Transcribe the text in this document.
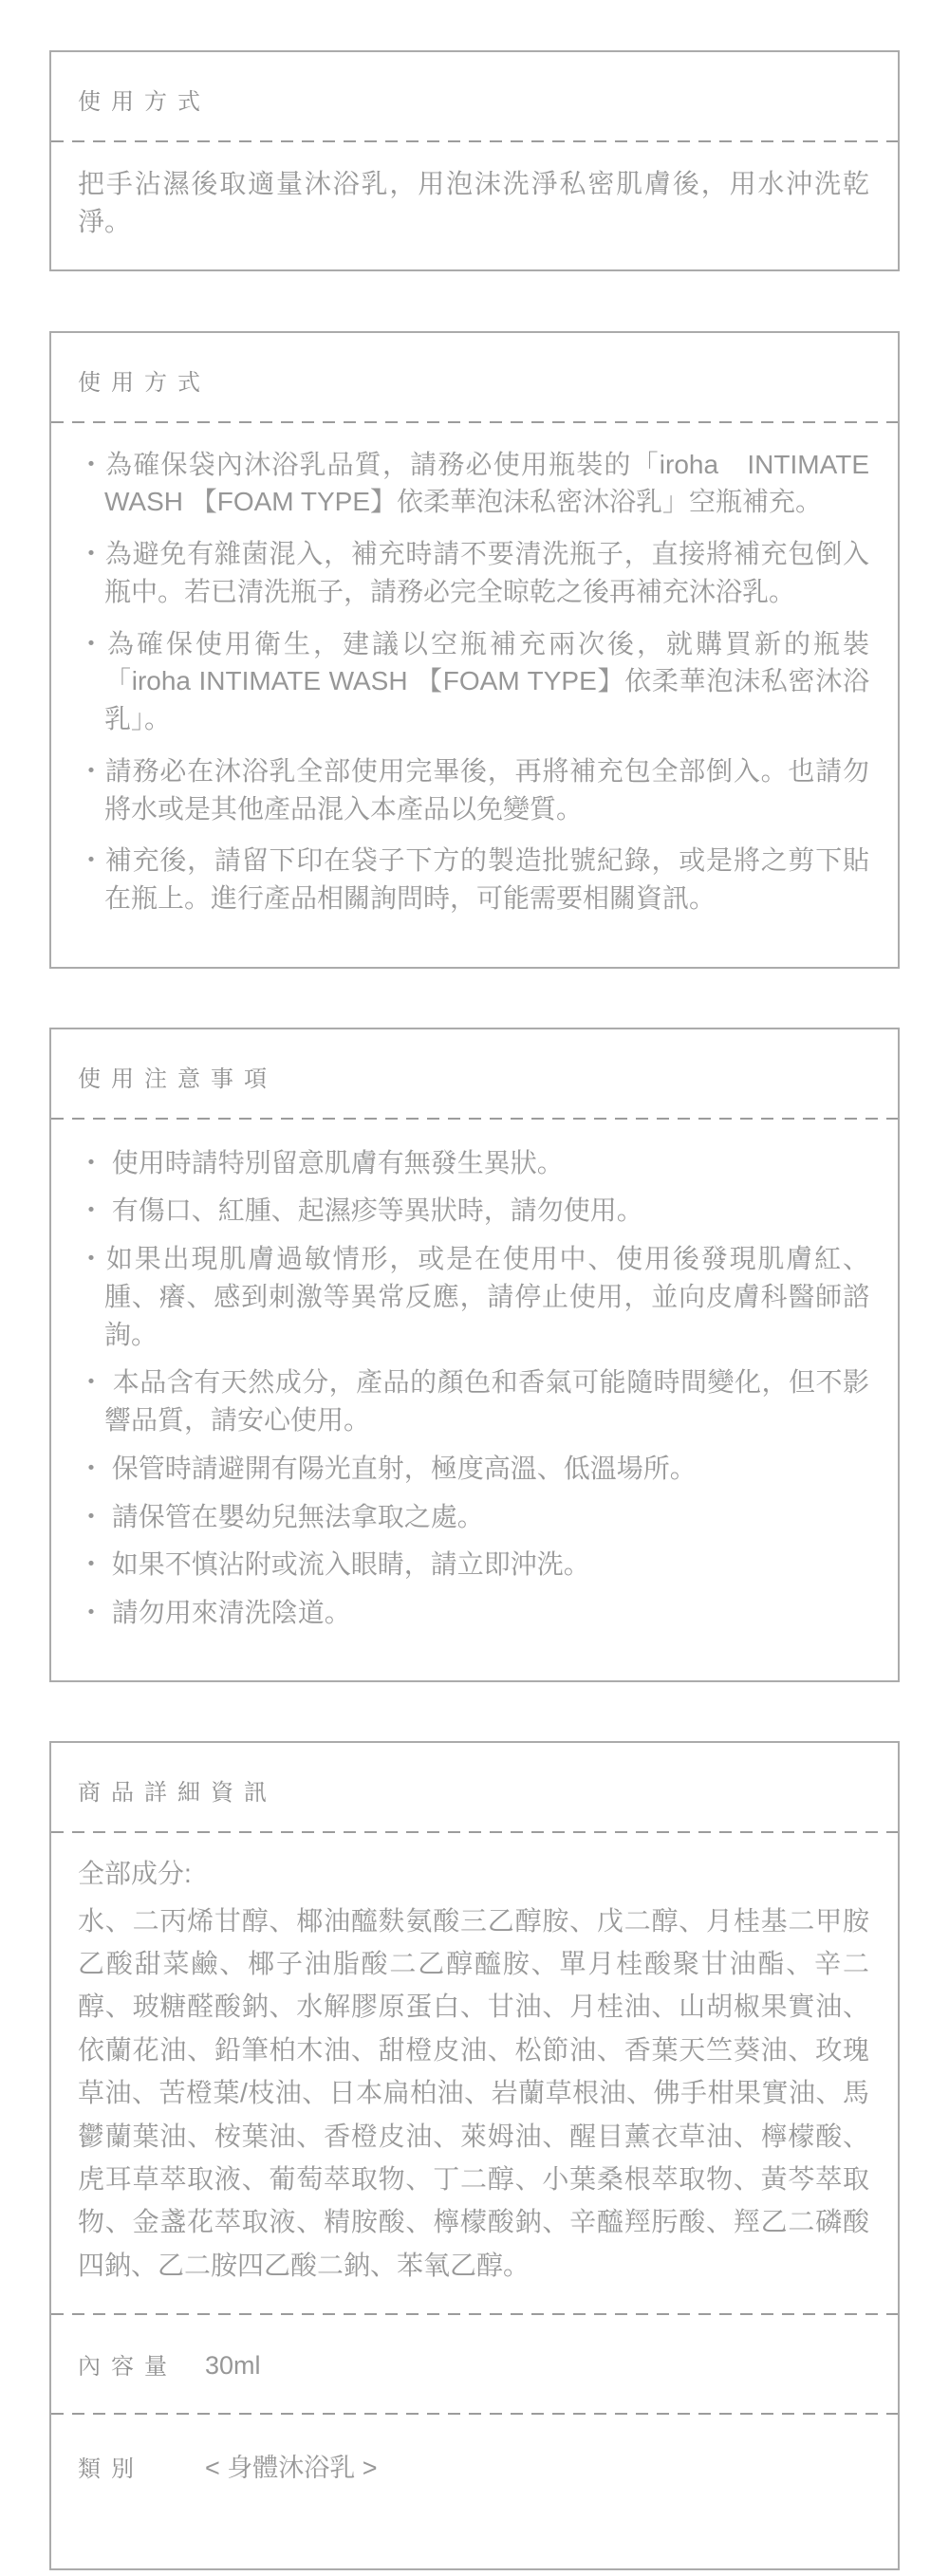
使用方式

把手沾濕後取適量沐浴乳，用泡沫洗淨私密肌膚後，用水沖洗乾淨。

使用方式
・為確保袋內沐浴乳品質，請務必使用瓶裝的「iroha　INTIMATE WASH 【FOAM TYPE】依柔華泡沫私密沐浴乳」空瓶補充。
・為避免有雜菌混入，補充時請不要清洗瓶子，直接將補充包倒入瓶中。若已清洗瓶子，請務必完全晾乾之後再補充沐浴乳。
・為確保使用衛生，建議以空瓶補充兩次後，就購買新的瓶裝「iroha INTIMATE WASH 【FOAM TYPE】依柔華泡沫私密沐浴乳」。
・請務必在沐浴乳全部使用完畢後，再將補充包全部倒入。也請勿將水或是其他產品混入本產品以免變質。
・補充後，請留下印在袋子下方的製造批號紀錄，或是將之剪下貼在瓶上。進行產品相關詢問時，可能需要相關資訊。
使用注意事項
・ 使用時請特別留意肌膚有無發生異狀。
・ 有傷口、紅腫、起濕疹等異狀時，請勿使用。
・如果出現肌膚過敏情形，或是在使用中、使用後發現肌膚紅、腫、癢、感到刺激等異常反應，請停止使用，並向皮膚科醫師諮詢。
・ 本品含有天然成分，產品的顏色和香氣可能隨時間變化，但不影響品質，請安心使用。
・ 保管時請避開有陽光直射，極度高溫、低溫場所。
・ 請保管在嬰幼兒無法拿取之處。
・ 如果不慎沾附或流入眼睛，請立即沖洗。
・ 請勿用來清洗陰道。
商品詳細資訊

全部成分:

水、二丙烯甘醇、椰油醯麩氨酸三乙醇胺、戊二醇、月桂基二甲胺乙酸甜菜鹼、椰子油脂酸二乙醇醯胺、單月桂酸聚甘油酯、辛二醇、玻糖醛酸鈉、水解膠原蛋白、甘油、月桂油、山胡椒果實油、依蘭花油、鉛筆柏木油、甜橙皮油、松節油、香葉天竺葵油、玫瑰草油、苦橙葉/枝油、日本扁柏油、岩蘭草根油、佛手柑果實油、馬鬱蘭葉油、桉葉油、香橙皮油、萊姆油、醒目薰衣草油、檸檬酸、虎耳草萃取液、葡萄萃取物、丁二醇、小葉桑根萃取物、黃芩萃取物、金盞花萃取液、精胺酸、檸檬酸鈉、辛醯羥肟酸、羥乙二磷酸四鈉、乙二胺四乙酸二鈉、苯氧乙醇。

內容量 30ml
類別	< 身體沐浴乳 >
